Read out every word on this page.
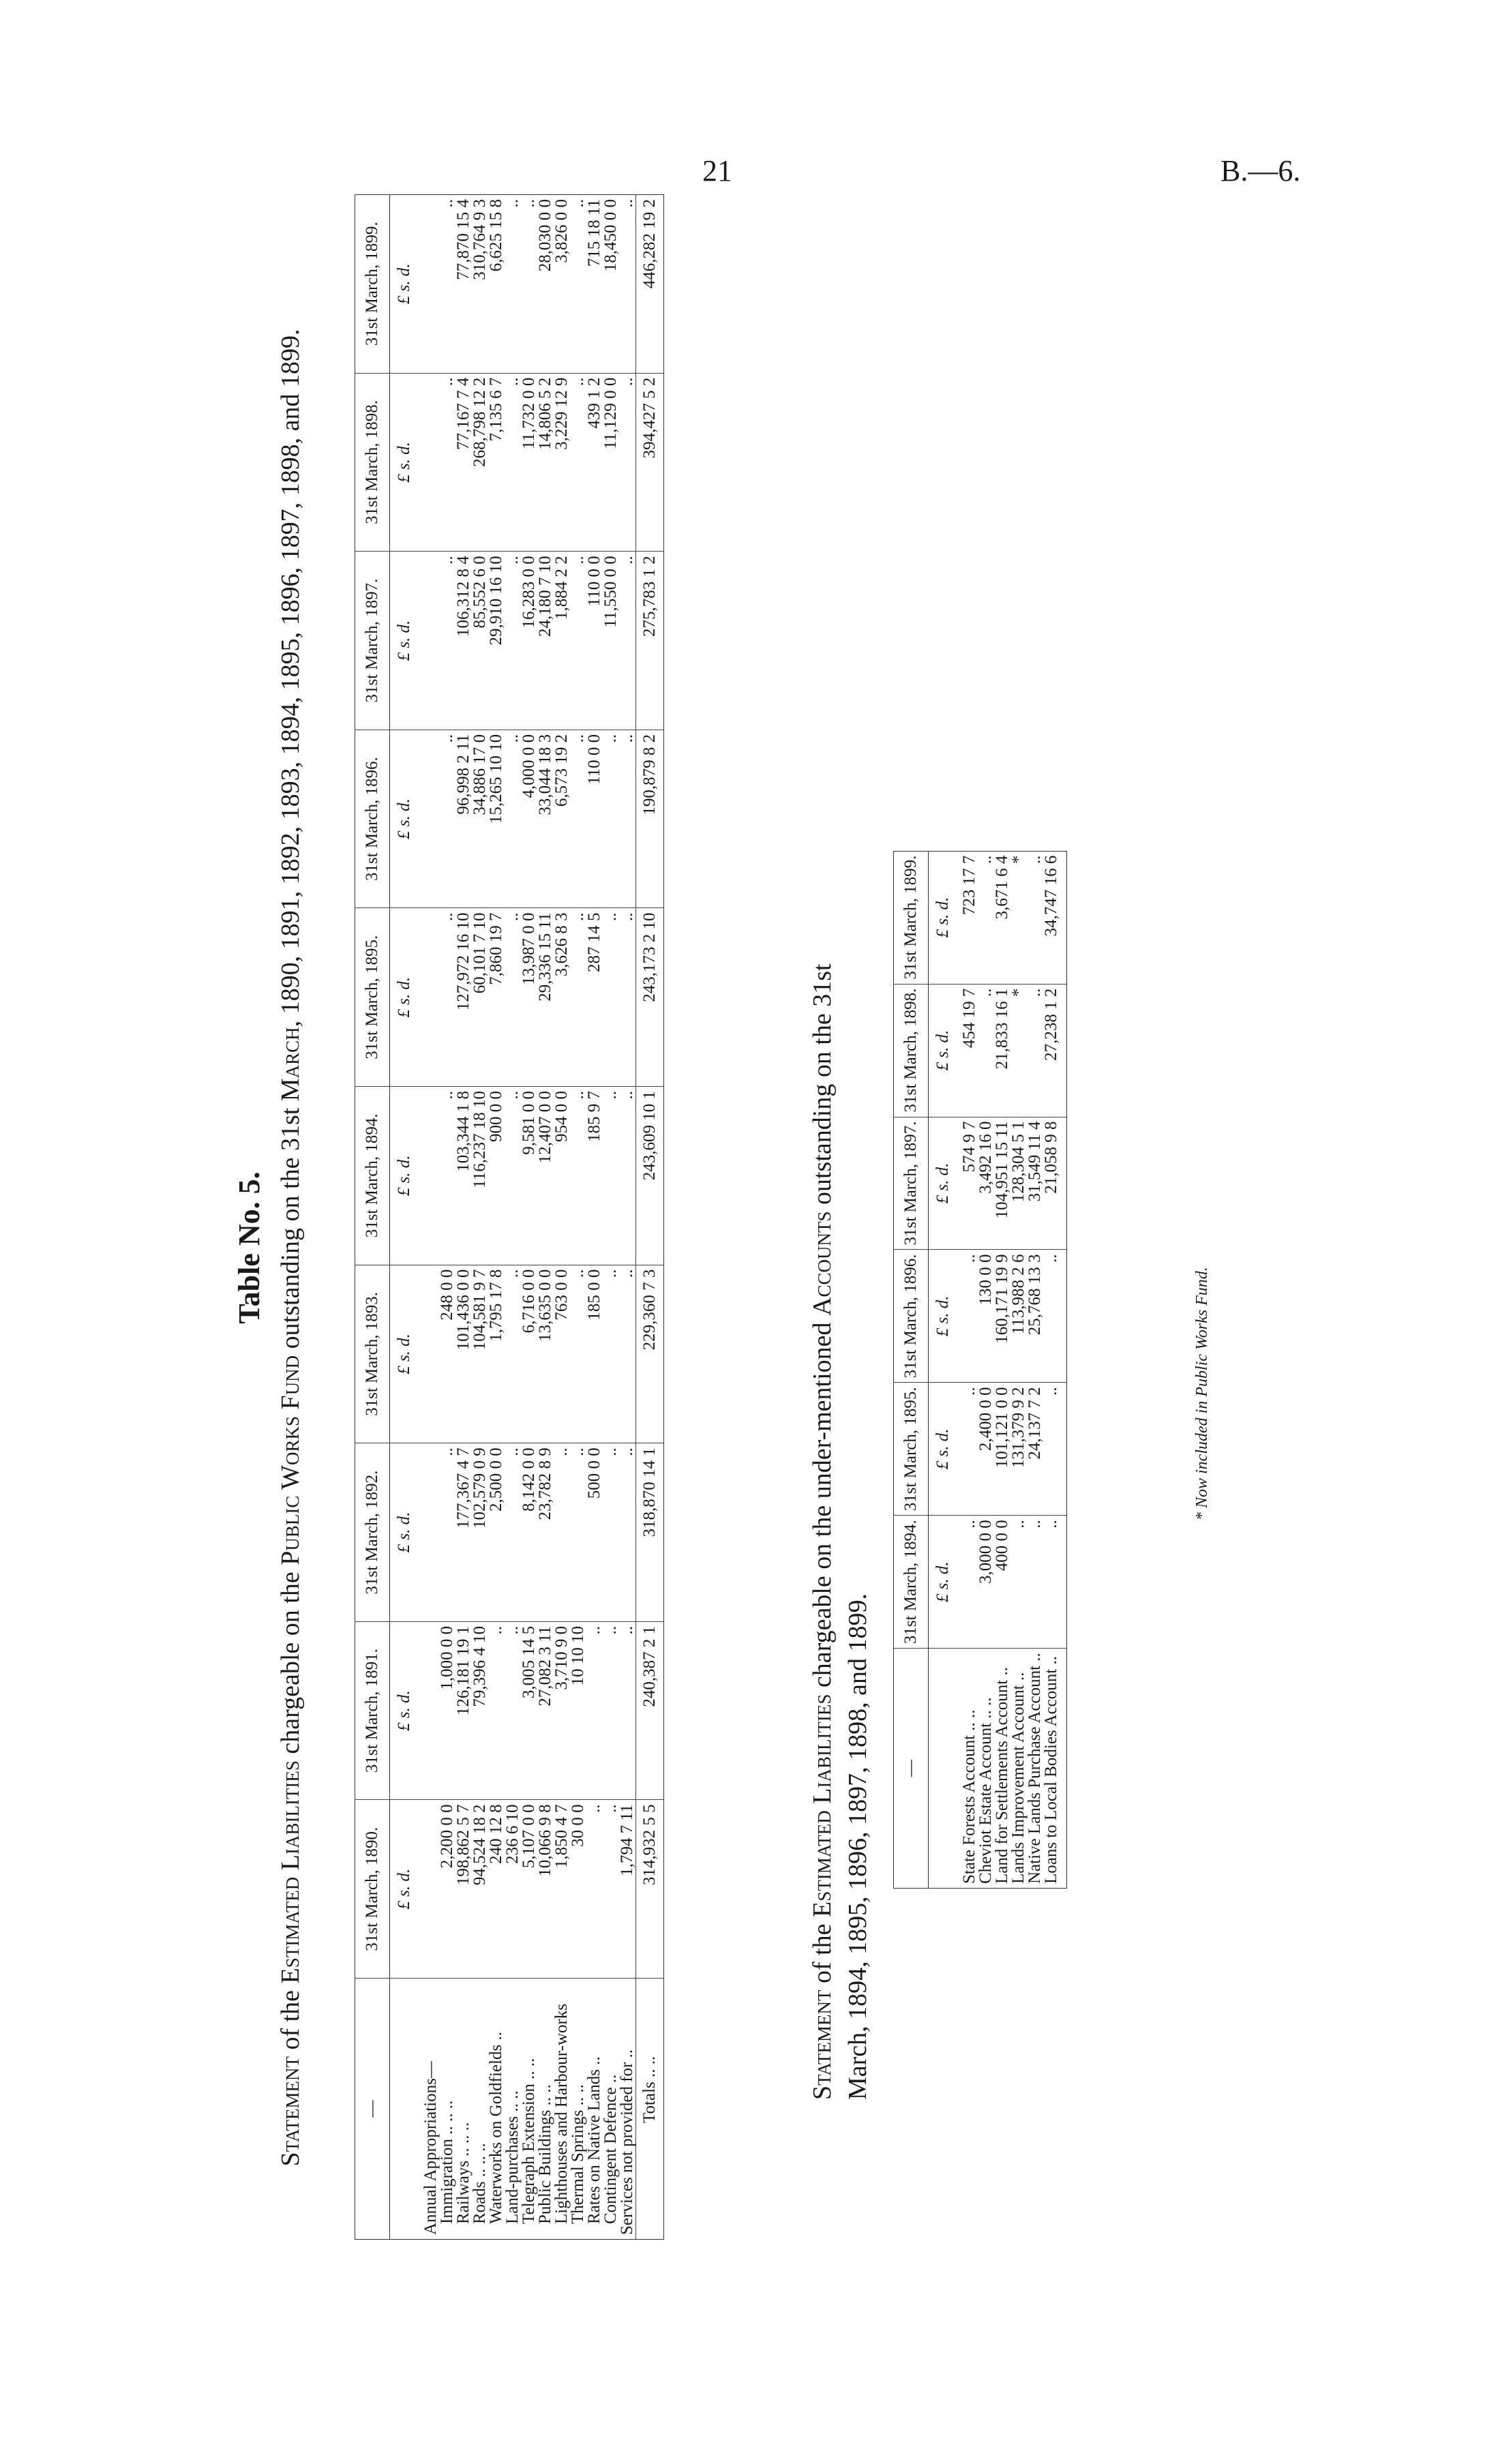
21	B.—6.
Table No. 5.
Statement of the Estimated Liabilities chargeable on the Public Works Fund outstanding on the 31st March, 1890, 1891, 1892, 1893, 1894, 1895, 1896, 1897, 1898, and 1899.
—	31st March, 1890.	31st March, 1891.	31st March, 1892.	31st March, 1893.	31st March, 1894.	31st March, 1895.	31st March, 1896.	31st March, 1897.	31st March, 1898.	31st March, 1899.
	£ s. d.	£ s. d.	£ s. d.	£ s. d.	£ s. d.	£ s. d.	£ s. d.	£ s. d.	£ s. d.	£ s. d.
Annual Appropriations—										
Immigration .. .. ..	2,200 0 0	1,000 0 0	..	248 0 0	..	..	..	..	..	..
Railways .. .. ..	198,862 5 7	126,181 19 1	177,367 4 7	101,436 0 0	103,344 1 8	127,972 16 10	96,998 2 11	106,312 8 4	77,167 7 4	77,870 15 4
Roads .. .. ..	94,524 18 2	79,396 4 10	102,579 0 9	104,581 9 7	116,237 18 10	60,101 7 10	34,886 17 0	85,552 6 0	268,798 12 2	310,764 9 3
Waterworks on Goldfields ..	240 12 8	..	2,500 0 0	1,795 17 8	900 0 0	7,860 19 7	15,265 10 10	29,910 16 10	7,135 6 7	6,625 15 8
Land-purchases .. ..	236 6 10	..	..	..	..	..	..	..	..	..
Telegraph Extension .. ..	5,107 0 0	3,005 14 5	8,142 0 0	6,716 0 0	9,581 0 0	13,987 0 0	4,000 0 0	16,283 0 0	11,732 0 0	..
Public Buildings .. ..	10,066 9 8	27,082 3 11	23,782 8 9	13,635 0 0	12,407 0 0	29,336 15 11	33,044 18 3	24,180 7 10	14,806 5 2	28,030 0 0
Lighthouses and Harbour-works	1,850 4 7	3,710 9 0	..	763 0 0	954 0 0	3,626 8 3	6,573 19 2	1,884 2 2	3,229 12 9	3,826 0 0
Thermal Springs .. ..	30 0 0	10 10 10	..	..	..	..	..	..	..	..
Rates on Native Lands ..	..	..	500 0 0	185 0 0	185 9 7	287 14 5	110 0 0	110 0 0	439 1 2	715 18 11
Contingent Defence ..	..	..	..	..	..	..	..	11,550 0 0	11,129 0 0	18,450 0 0
Services not provided for ..	1,794 7 11	..	..	..	..	..	..	..	..	..
Totals .. ..	314,932 5 5	240,387 2 1	318,870 14 1	229,360 7 3	243,609 10 1	243,173 2 10	190,879 8 2	275,783 1 2	394,427 5 2	446,282 19 2
Statement of the Estimated Liabilities chargeable on the under-mentioned Accounts outstanding on the 31st March, 1894, 1895, 1896, 1897, 1898, and 1899. —	31st March, 1894.	31st March, 1895.	31st March, 1896.	31st March, 1897.	31st March, 1898.	31st March, 1899.
	£ s. d.	£ s. d.	£ s. d.	£ s. d.	£ s. d.	£ s. d.
State Forests Account .. ..	..	..	..	574 9 7	454 19 7	723 17 7
Cheviot Estate Account .. ..	3,000 0 0	2,400 0 0	130 0 0	3,492 16 0	..	..
Land for Settlements Account ..	400 0 0	101,121 0 0	160,171 19 9	104,951 15 11	21,833 16 1	3,671 6 4
Lands Improvement Account ..	..	131,379 9 2	113,988 2 6	128,304 5 1	*	*
Native Lands Purchase Account ..	..	24,137 7 2	25,768 13 3	31,549 11 4	..	..
Loans to Local Bodies Account ..	..	..	..	21,058 9 8	27,238 1 2	34,747 16 6
* Now included in Public Works Fund.
